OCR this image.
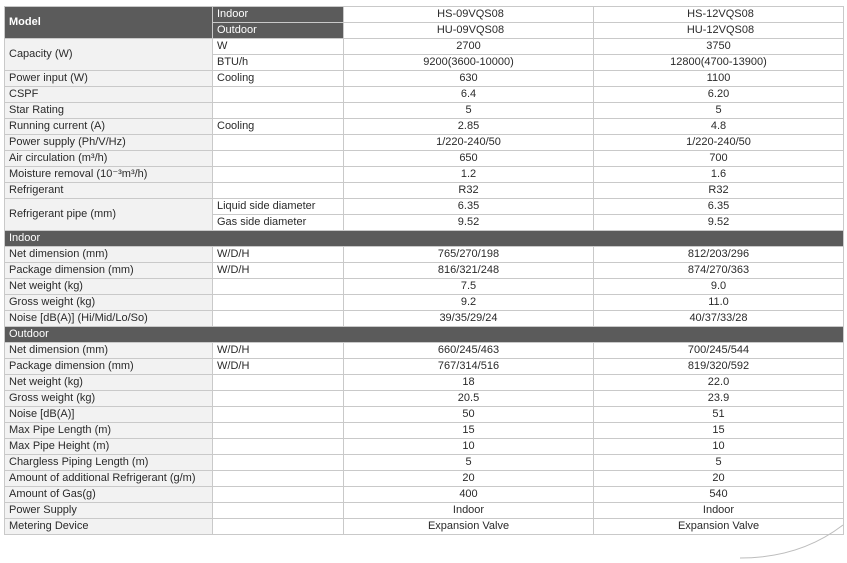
Model	Indoor	HS-09VQS08	HS-12VQS08
	Outdoor	HU-09VQS08	HU-12VQS08
Capacity (W)	W	2700	3750
	BTU/h	9200(3600-10000)	12800(4700-13900)
Power input (W)	Cooling	630	1100
CSPF		6.4	6.20
Star Rating		5	5
Running current (A)	Cooling	2.85	4.8
Power supply (Ph/V/Hz)		1/220-240/50	1/220-240/50
Air circulation (m³/h)		650	700
Moisture removal (10⁻³m³/h)		1.2	1.6
Refrigerant		R32	R32
Refrigerant pipe (mm)	Liquid side diameter	6.35	6.35
	Gas side diameter	9.52	9.52
Indoor			
Net dimension (mm)	W/D/H	765/270/198	812/203/296
Package dimension (mm)	W/D/H	816/321/248	874/270/363
Net weight (kg)		7.5	9.0
Gross weight (kg)		9.2	11.0
Noise [dB(A)] (Hi/Mid/Lo/So)		39/35/29/24	40/37/33/28
Outdoor			
Net dimension (mm)	W/D/H	660/245/463	700/245/544
Package dimension (mm)	W/D/H	767/314/516	819/320/592
Net weight (kg)		18	22.0
Gross weight (kg)		20.5	23.9
Noise [dB(A)]		50	51
Max Pipe Length (m)		15	15
Max Pipe Height (m)		10	10
Chargless Piping Length (m)		5	5
Amount of additional Refrigerant (g/m)		20	20
Amount of Gas(g)		400	540
Power Supply		Indoor	Indoor
Metering Device		Expansion Valve	Expansion Valve
